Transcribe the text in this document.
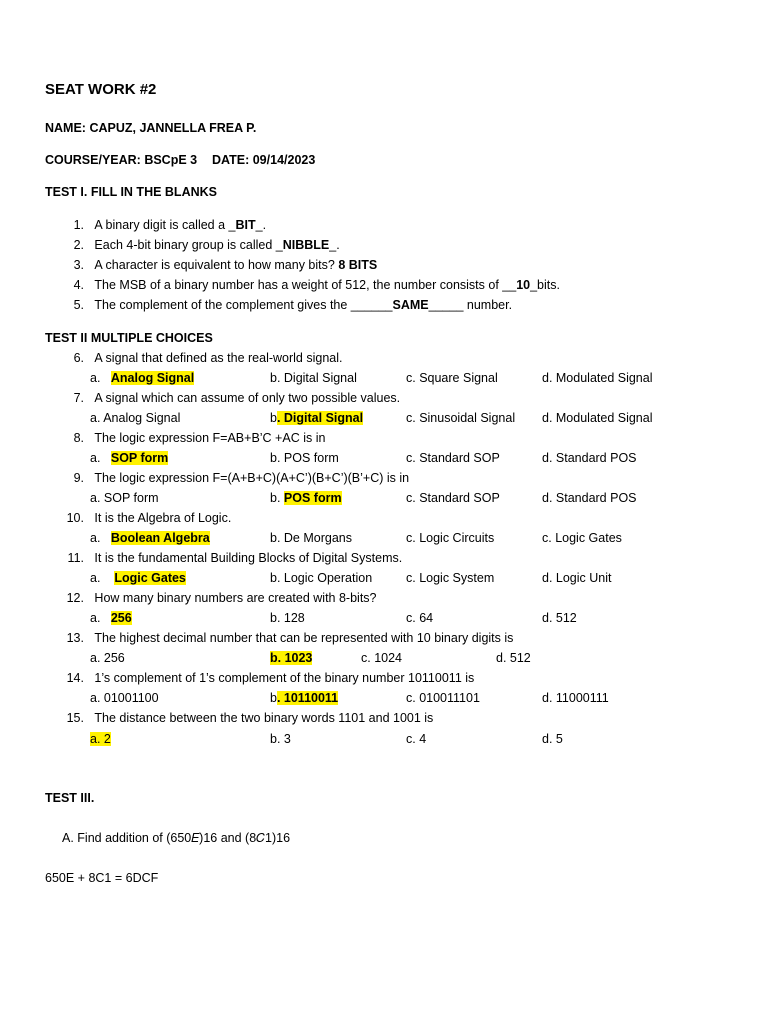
SEAT WORK #2
NAME: CAPUZ, JANNELLA FREA P.
COURSE/YEAR: BSCpE 3 DATE: 09/14/2023
TEST I. FILL IN THE BLANKS
1. A binary digit is called a _BIT_.
2. Each 4-bit binary group is called _NIBBLE_.
3. A character is equivalent to how many bits? 8 BITS
4. The MSB of a binary number has a weight of 512, the number consists of __10_bits.
5. The complement of the complement gives the ______SAME_____ number.
TEST II MULTIPLE CHOICES
6. A signal that defined as the real-world signal.
a. Analog Signal	b. Digital Signal	c. Square Signal	d. Modulated Signal
7. A signal which can assume of only two possible values.
a. Analog Signal	b. Digital Signal	c. Sinusoidal Signal d. Modulated Signal
8. The logic expression F=AB+B’C +AC is in
a. SOP form	b. POS form	c. Standard SOP	d. Standard POS
9. The logic expression F=(A+B+C)(A+C’)(B+C’)(B’+C) is in
a. SOP form	b. POS form	c. Standard SOP	d. Standard POS
10. It is the Algebra of Logic.
a. Boolean Algebra	b. De Morgans	c. Logic Circuits	c. Logic Gates
11. It is the fundamental Building Blocks of Digital Systems.
a. Logic Gates	b. Logic Operation	c. Logic System	d. Logic Unit
12. How many binary numbers are created with 8-bits?
a. 256	b. 128	c. 64	d. 512
13. The highest decimal number that can be represented with 10 binary digits is
a. 256	b. 1023	c. 1024	d. 512
14. 1’s complement of 1’s complement of the binary number 10110011 is
a. 01001100	b. 10110011	c. 010011101	d. 11000111
15. The distance between the two binary words 1101 and 1001 is
a. 2	b. 3	c. 4	d. 5
TEST III.
A. Find addition of (650𝐸)16 and (8𝐶1)16
650E + 8C1 = 6DCF
